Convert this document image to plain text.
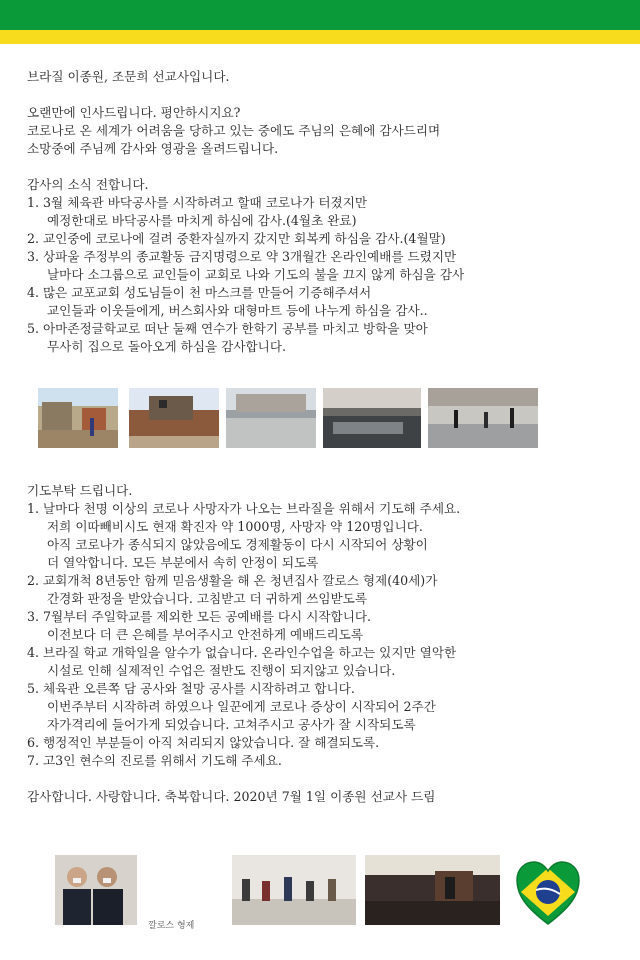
브라질 이종원, 조문희 선교사입니다.
오랜만에 인사드립니다. 평안하시지요?
코로나로 온 세계가 어려움을 당하고 있는 중에도 주님의 은혜에 감사드리며
소망중에 주님께 감사와 영광을 올려드립니다.
감사의 소식 전합니다.
1. 3월 체육관 바닥공사를 시작하려고 할때 코로나가 터졌지만
예정한대로 바닥공사를 마치게 하심에 감사.(4월초 완료)
2. 교인중에 코로나에 걸려 중환자실까지 갔지만 회복케 하심을 감사.(4월말)
3. 상파울 주정부의 종교활동 금지명령으로 약 3개월간 온라인예배를 드렸지만
날마다 소그룹으로 교인들이 교회로 나와 기도의 불을 끄지 않게 하심을 감사
4. 많은 교포교회 성도님들이 천 마스크를 만들어 기증해주셔서
교인들과 이웃들에게, 버스회사와 대형마트 등에 나누게 하심을 감사..
5. 아마존정글학교로 떠난 둘째 연수가 한학기 공부를 마치고 방학을 맞아
무사히 집으로 돌아오게 하심을 감사합니다.
기도부탁 드립니다.
1. 날마다 천명 이상의 코로나 사망자가 나오는 브라질을 위해서 기도해 주세요.
저희 이따빼비시도 현재 확진자 약 1000명, 사망자 약 120명입니다.
아직 코로나가 종식되지 않았음에도 경제활동이 다시 시작되어 상황이
더 열악합니다. 모든 부분에서 속히 안정이 되도록
2. 교회개척 8년동안 함께 믿음생활을 해 온 청년집사 깔로스 형제(40세)가
간경화 판정을 받았습니다. 고침받고 더 귀하게 쓰임받도록
3. 7월부터 주일학교를 제외한 모든 공예배를 다시 시작합니다.
이전보다 더 큰 은혜를 부어주시고 안전하게 예배드리도록
4. 브라질 학교 개학일을 알수가 없습니다. 온라인수업을 하고는 있지만 열악한
시설로 인해 실제적인 수업은 절반도 진행이 되지않고 있습니다.
5. 체육관 오른쪽 담 공사와 철망 공사를 시작하려고 합니다.
이번주부터 시작하려 하였으나 일꾼에게 코로나 증상이 시작되어 2주간
자가격리에 들어가게 되었습니다. 고쳐주시고 공사가 잘 시작되도록
6. 행정적인 부분들이 아직 처리되지 않았습니다. 잘 해결되도록.
7. 고3인 현수의 진로를 위해서 기도해 주세요.
감사합니다. 사랑합니다. 축복합니다. 2020년 7월 1일 이종원 선교사 드림
깔로스 형제
